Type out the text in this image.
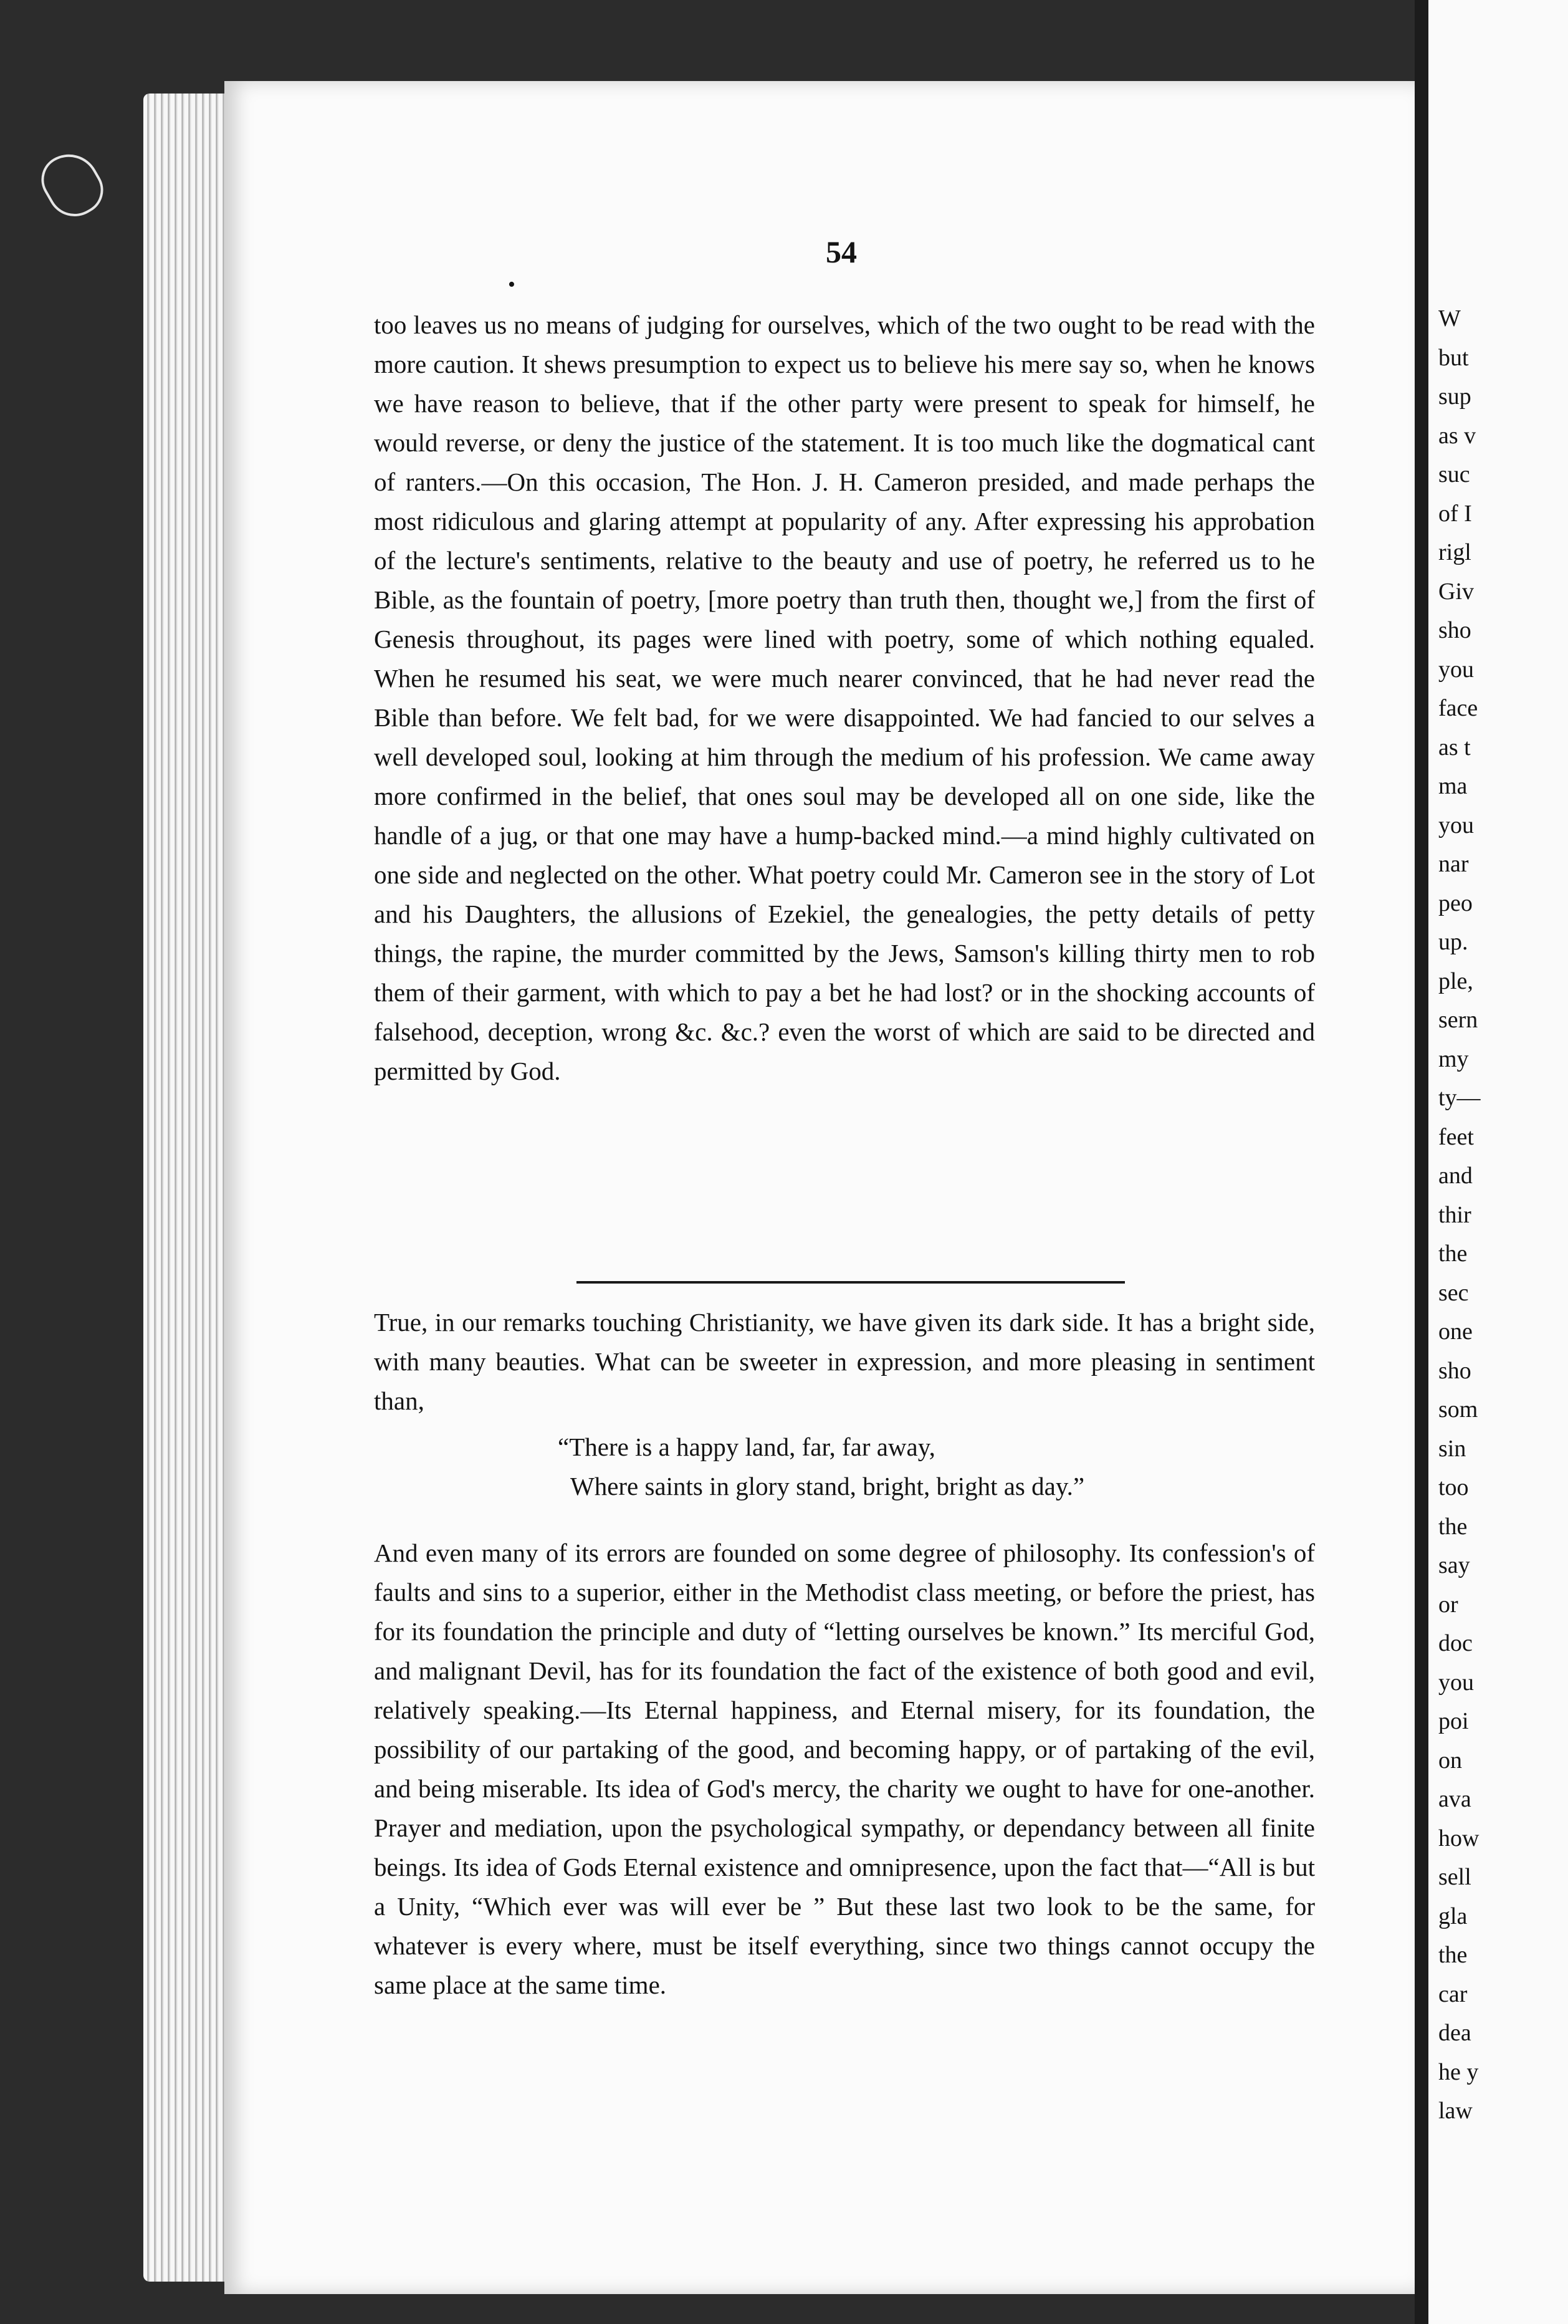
54
•

too leaves us no means of judging for ourselves, which of the two ought to be read with the more caution. It shews presumption to expect us to believe his mere say so, when he knows we have reason to believe, that if the other party were present to speak for himself, he would reverse, or deny the justice of the statement. It is too much like the dogmatical cant of ranters.—On this occasion, The Hon. J. H. Cameron presided, and made perhaps the most ridiculous and glaring attempt at popularity of any. After expressing his approbation of the lecture's sentiments, relative to the beauty and use of poetry, he referred us to he Bible, as the fountain of poetry, [more poetry than truth then, thought we,] from the first of Genesis throughout, its pages were lined with poetry, some of which nothing equaled. When he resumed his seat, we were much nearer convinced, that he had never read the Bible than before. We felt bad, for we were disappointed. We had fancied to our selves a well developed soul, looking at him through the medium of his profession. We came away more confirmed in the belief, that ones soul may be developed all on one side, like the handle of a jug, or that one may have a hump-backed mind.—a mind highly cultivated on one side and neglected on the other. What poetry could Mr. Cameron see in the story of Lot and his Daughters, the allusions of Ezekiel, the genealogies, the petty details of petty things, the rapine, the murder committed by the Jews, Samson's killing thirty men to rob them of their garment, with which to pay a bet he had lost? or in the shocking accounts of falsehood, deception, wrong &c. &c.? even the worst of which are said to be directed and permitted by God.

True, in our remarks touching Christianity, we have given its dark side. It has a bright side, with many beauties. What can be sweeter in expression, and more pleasing in sentiment than,
“There is a happy land, far, far away,
Where saints in glory stand, bright, bright as day.”
And even many of its errors are founded on some degree of philosophy. Its confession's of faults and sins to a superior, either in the Methodist class meeting, or before the priest, has for its foundation the principle and duty of “letting ourselves be known.” Its merciful God, and malignant Devil, has for its foundation the fact of the existence of both good and evil, relatively speaking.—Its Eternal happiness, and Eternal misery, for its foundation, the possibility of our partaking of the good, and becoming happy, or of partaking of the evil, and being miserable. Its idea of God's mercy, the charity we ought to have for one-another. Prayer and mediation, upon the psychological sympathy, or dependancy between all finite beings. Its idea of Gods Eternal existence and omnipresence, upon the fact that—“All is but a Unity, “Which ever was will ever be ” But these last two look to be the same, for whatever is every where, must be itself everything, since two things cannot occupy the same place at the same time.
W
but
sup
as v
suc
of I
rigl
Giv
sho
you
face
as t
ma
you
nar
peo
up.
ple,
sern
my
ty—
feet
and
thir
the
sec
one
sho
som
sin
too
the
say
or
doc
you
poi
on
ava
how
sell
gla
the
car
dea
he y
law
